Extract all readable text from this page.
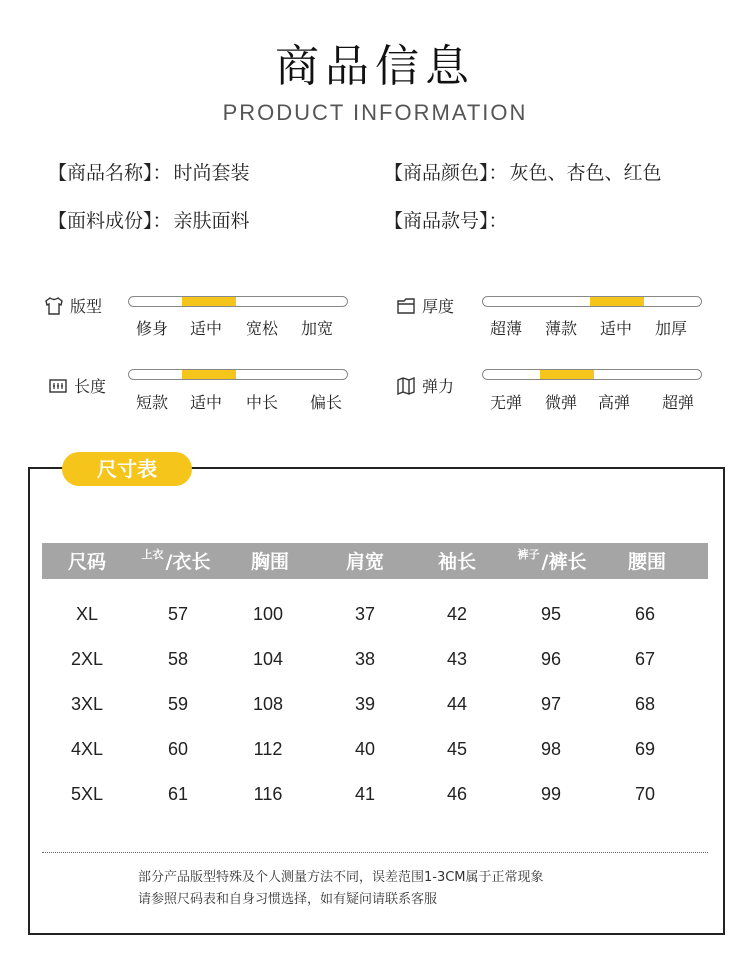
商品信息
PRODUCT INFORMATION
【商品名称】： 时尚套装	【商品颜色】： 灰色、杏色、红色
【面料成份】： 亲肤面料	【商品款号】：
版型
修身 适中 宽松 加宽
厚度
超薄 薄款 适中 加厚
长度
短款 适中 中长 偏长
弹力
无弹 微弹 高弹 超弹
尺寸表
尺码	$^{上衣}$ /衣长	胸围	肩宽	袖长	$^{裤子}$ /裤长	腰围
XL	57	100	37	42	95	66
2XL	58	104	38	43	96	67
3XL	59	108	39	44	97	68
4XL	60	112	40	45	98	69
5XL	61	116	41	46	99	70
部分产品版型特殊及个人测量方法不同，误差范围1-3CM属于正常现象
请参照尺码表和自身习惯选择，如有疑问请联系客服
